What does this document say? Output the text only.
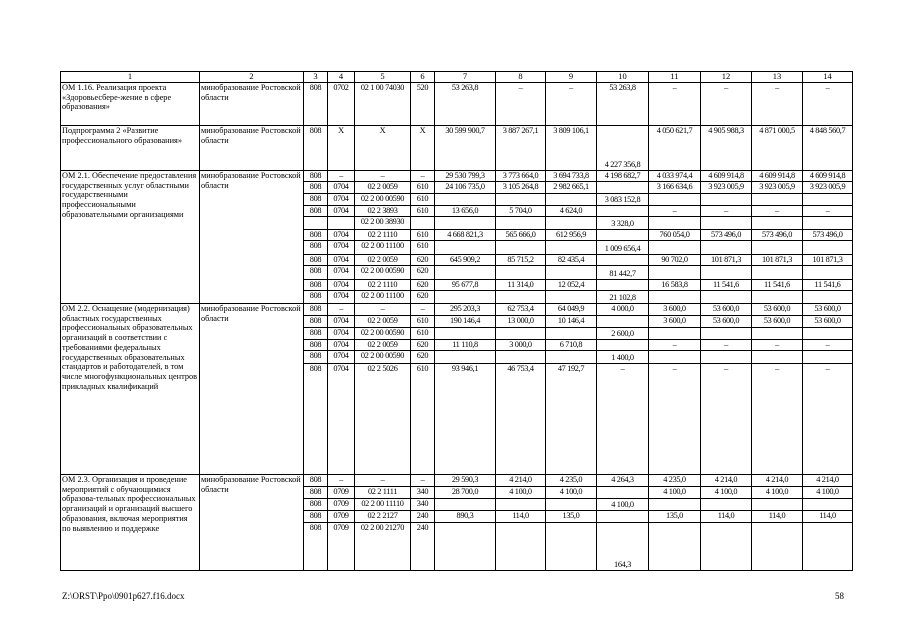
1	2	3	4	5	6	7	8	9	10	11	12	13	14
ОМ 1.16. Реализация проекта «Здоровьесбере-жение в сфере образования»	минобразование Ростовской области	808	0702	02 1 00 74030	520	53 263,8	–	–	53 263,8	–	–	–	–
Подпрограмма 2 «Развитие профессионального образования»	минобразование Ростовской области	808	Х	Х	Х	30 599 900,7	3 887 267,1	3 809 106,1	4 227 356,8	4 050 621,7	4 905 988,3	4 871 000,5	4 848 560,7
ОМ 2.1. Обеспечение предоставления государственных услуг областными государственными профессиональными образовательными организациями	минобразование Ростовской области	808	–	–	–	29 530 799,3	3 773 664,0	3 694 733,8	4 198 682,7	4 033 974,4	4 609 914,8	4 609 914,8	4 609 914,8
		808	0704	02 2 0059	610	24 106 735,0	3 105 264,8	2 982 665,1		3 166 634,6	3 923 005,9	3 923 005,9	3 923 005,9
		808	0704	02 2 00 00590	610				3 083 152,8				
		808	0704	02 2 3893	610	13 656,0	5 704,0	4 624,0		–	–	–	–
				02 2 00 38930					3 328,0				
		808	0704	02 2 1110	610	4 668 821,3	565 666,0	612 956,9		760 054,0	573 496,0	573 496,0	573 496,0
		808	0704	02 2 00 11100	610				1 009 656,4				
		808	0704	02 2 0059	620	645 909,2	85 715,2	82 435,4		90 702,0	101 871,3	101 871,3	101 871,3
		808	0704	02 2 00 00590	620				81 442,7				
		808	0704	02 2 1110	620	95 677,8	11 314,0	12 052,4		16 583,8	11 541,6	11 541,6	11 541,6
		808	0704	02 2 00 11100	620				21 102,8				
ОМ 2.2. Оснащение (модернизация) областных государственных профессиональных образовательных организаций в соответствии с требованиями федеральных государственных образовательных стандартов и работодателей, в том числе многофункциональных центров прикладных квалификаций	минобразование Ростовской области	808	–	–	–	295 203,3	62 753,4	64 049,9	4 000,0	3 600,0	53 600,0	53 600,0	53 600,0
		808	0704	02 2 0059	610	190 146,4	13 000,0	10 146,4		3 600,0	53 600,0	53 600,0	53 600,0
		808	0704	02 2 00 00590	610				2 600,0				
		808	0704	02 2 0059	620	11 110,8	3 000,0	6 710,8		–	–	–	–
		808	0704	02 2 00 00590	620				1 400,0				
		808	0704	02 2 5026	610	93 946,1	46 753,4	47 192,7	–	–	–	–	–
ОМ 2.3. Организация и проведение мероприятий с обучающимися образова-тельных профессиональных организаций и организаций высшего образования, включая мероприятия по выявлению и поддержке	минобразование Ростовской области	808	–	–	–	29 590,3	4 214,0	4 235,0	4 264,3	4 235,0	4 214,0	4 214,0	4 214,0
		808	0709	02 2 1111	340	28 700,0	4 100,0	4 100,0		4 100,0	4 100,0	4 100,0	4 100,0
		808	0709	02 2 00 11110	340				4 100,0				
		808	0709	02 2 2127	240	890,3	114,0	135,0		135,0	114,0	114,0	114,0
		808	0709	02 2 00 21270	240				164,3				
Z:\ORST\Ppo\0901p627.f16.docx	58
